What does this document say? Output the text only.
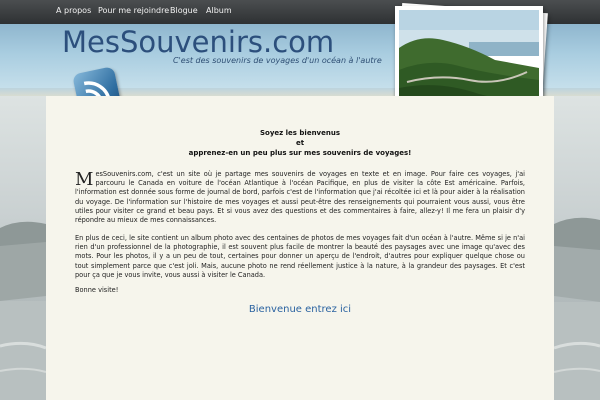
A propos Pour me rejoindre Blogue Album
MesSouvenirs.com
C'est des souvenirs de voyages d'un océan à l'autre
Soyez les bienvenus
et
apprenez-en un peu plus sur mes souvenirs de voyages!
MesSouvenirs.com, c'est un site où je partage mes souvenirs de voyages en texte et en image. Pour faire ces voyages, j'ai parcouru le Canada en voiture de l'océan Atlantique à l'océan Pacifique, en plus de visiter la côte Est américaine. Parfois, l'information est donnée sous forme de journal de bord, parfois c'est de l'information que j'ai récoltée ici et là pour aider à la réalisation du voyage. De l'information sur l'histoire de mes voyages et aussi peut-être des renseignements qui pourraient vous aussi, vous être utiles pour visiter ce grand et beau pays. Et si vous avez des questions et des commentaires à faire, allez-y! Il me fera un plaisir d'y répondre au mieux de mes connaissances.
En plus de ceci, le site contient un album photo avec des centaines de photos de mes voyages fait d'un océan à l'autre. Même si je n'ai rien d'un professionnel de la photographie, il est souvent plus facile de montrer la beauté des paysages avec une image qu'avec des mots. Pour les photos, il y a un peu de tout, certaines pour donner un aperçu de l'endroit, d'autres pour expliquer quelque chose ou tout simplement parce que c'est joli. Mais, aucune photo ne rend réellement justice à la nature, à la grandeur des paysages. Et c'est pour ça que je vous invite, vous aussi à visiter le Canada.
Bonne visite!
Bienvenue entrez ici
